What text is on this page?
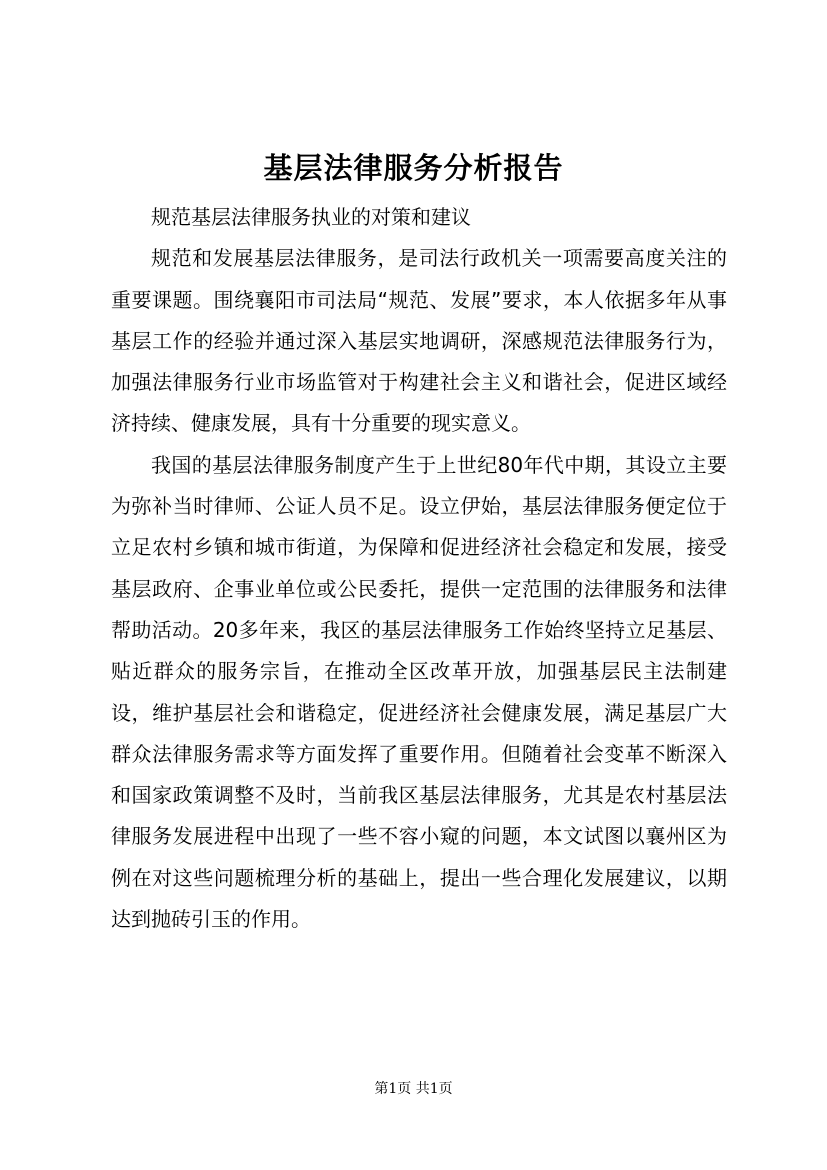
基层法律服务分析报告

规范基层法律服务执业的对策和建议

规范和发展基层法律服务，是司法行政机关一项需要高度关注的重要课题。围绕襄阳市司法局“规范、发展”要求，本人依据多年从事基层工作的经验并通过深入基层实地调研，深感规范法律服务行为，加强法律服务行业市场监管对于构建社会主义和谐社会，促进区域经济持续、健康发展，具有十分重要的现实意义。

我国的基层法律服务制度产生于上世纪80年代中期，其设立主要为弥补当时律师、公证人员不足。设立伊始，基层法律服务便定位于立足农村乡镇和城市街道，为保障和促进经济社会稳定和发展，接受基层政府、企事业单位或公民委托，提供一定范围的法律服务和法律帮助活动。20多年来，我区的基层法律服务工作始终坚持立足基层、贴近群众的服务宗旨，在推动全区改革开放，加强基层民主法制建设，维护基层社会和谐稳定，促进经济社会健康发展，满足基层广大群众法律服务需求等方面发挥了重要作用。但随着社会变革不断深入和国家政策调整不及时，当前我区基层法律服务，尤其是农村基层法律服务发展进程中出现了一些不容小窥的问题，本文试图以襄州区为例在对这些问题梳理分析的基础上，提出一些合理化发展建议，以期达到抛砖引玉的作用。

第1页 共1页
